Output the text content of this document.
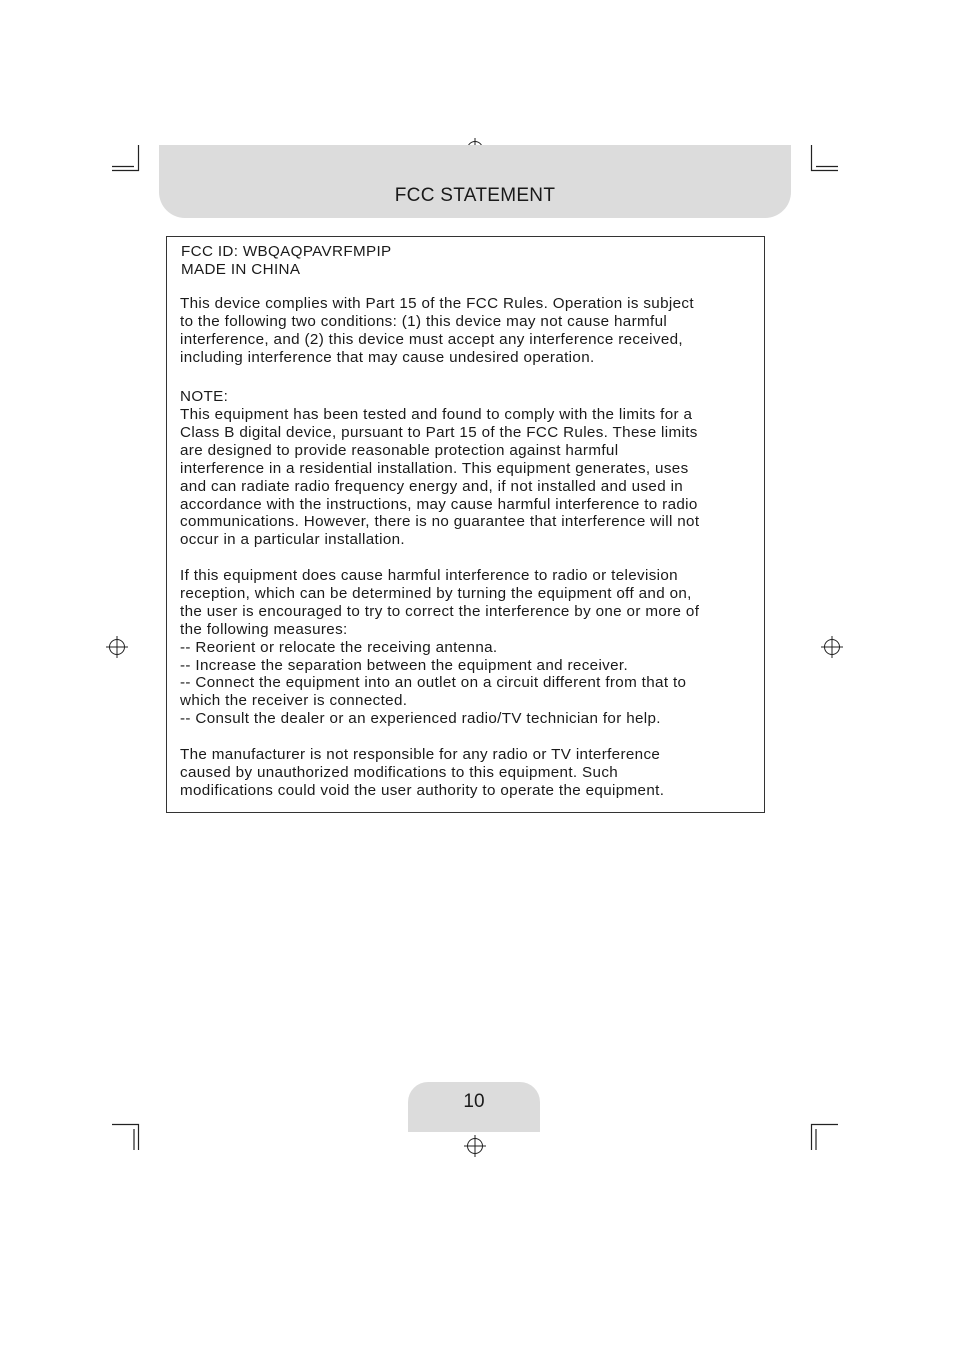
FCC STATEMENT
FCC ID: WBQAQPAVRFMPIP
MADE IN CHINA
This device complies with Part 15 of the FCC Rules. Operation is subject
to the following two conditions: (1) this device may not cause harmful
interference, and (2) this device must accept any interference received,
including interference that may cause undesired operation.
NOTE:
This equipment has been tested and found to comply with the limits for a
Class B digital device, pursuant to Part 15 of the FCC Rules. These limits
are designed to provide reasonable protection against harmful
interference in a residential installation. This equipment generates, uses
and can radiate radio frequency energy and, if not installed and used in
accordance with the instructions, may cause harmful interference to radio
communications. However, there is no guarantee that interference will not
occur in a particular installation.
If this equipment does cause harmful interference to radio or television
reception, which can be determined by turning the equipment off and on,
the user is encouraged to try to correct the interference by one or more of
the following measures:
-- Reorient or relocate the receiving antenna.
-- Increase the separation between the equipment and receiver.
-- Connect the equipment into an outlet on a circuit different from that to
which the receiver is connected.
-- Consult the dealer or an experienced radio/TV technician for help.
The manufacturer is not responsible for any radio or TV interference
caused by unauthorized modifications to this equipment. Such
modifications could void the user authority to operate the equipment.
10
